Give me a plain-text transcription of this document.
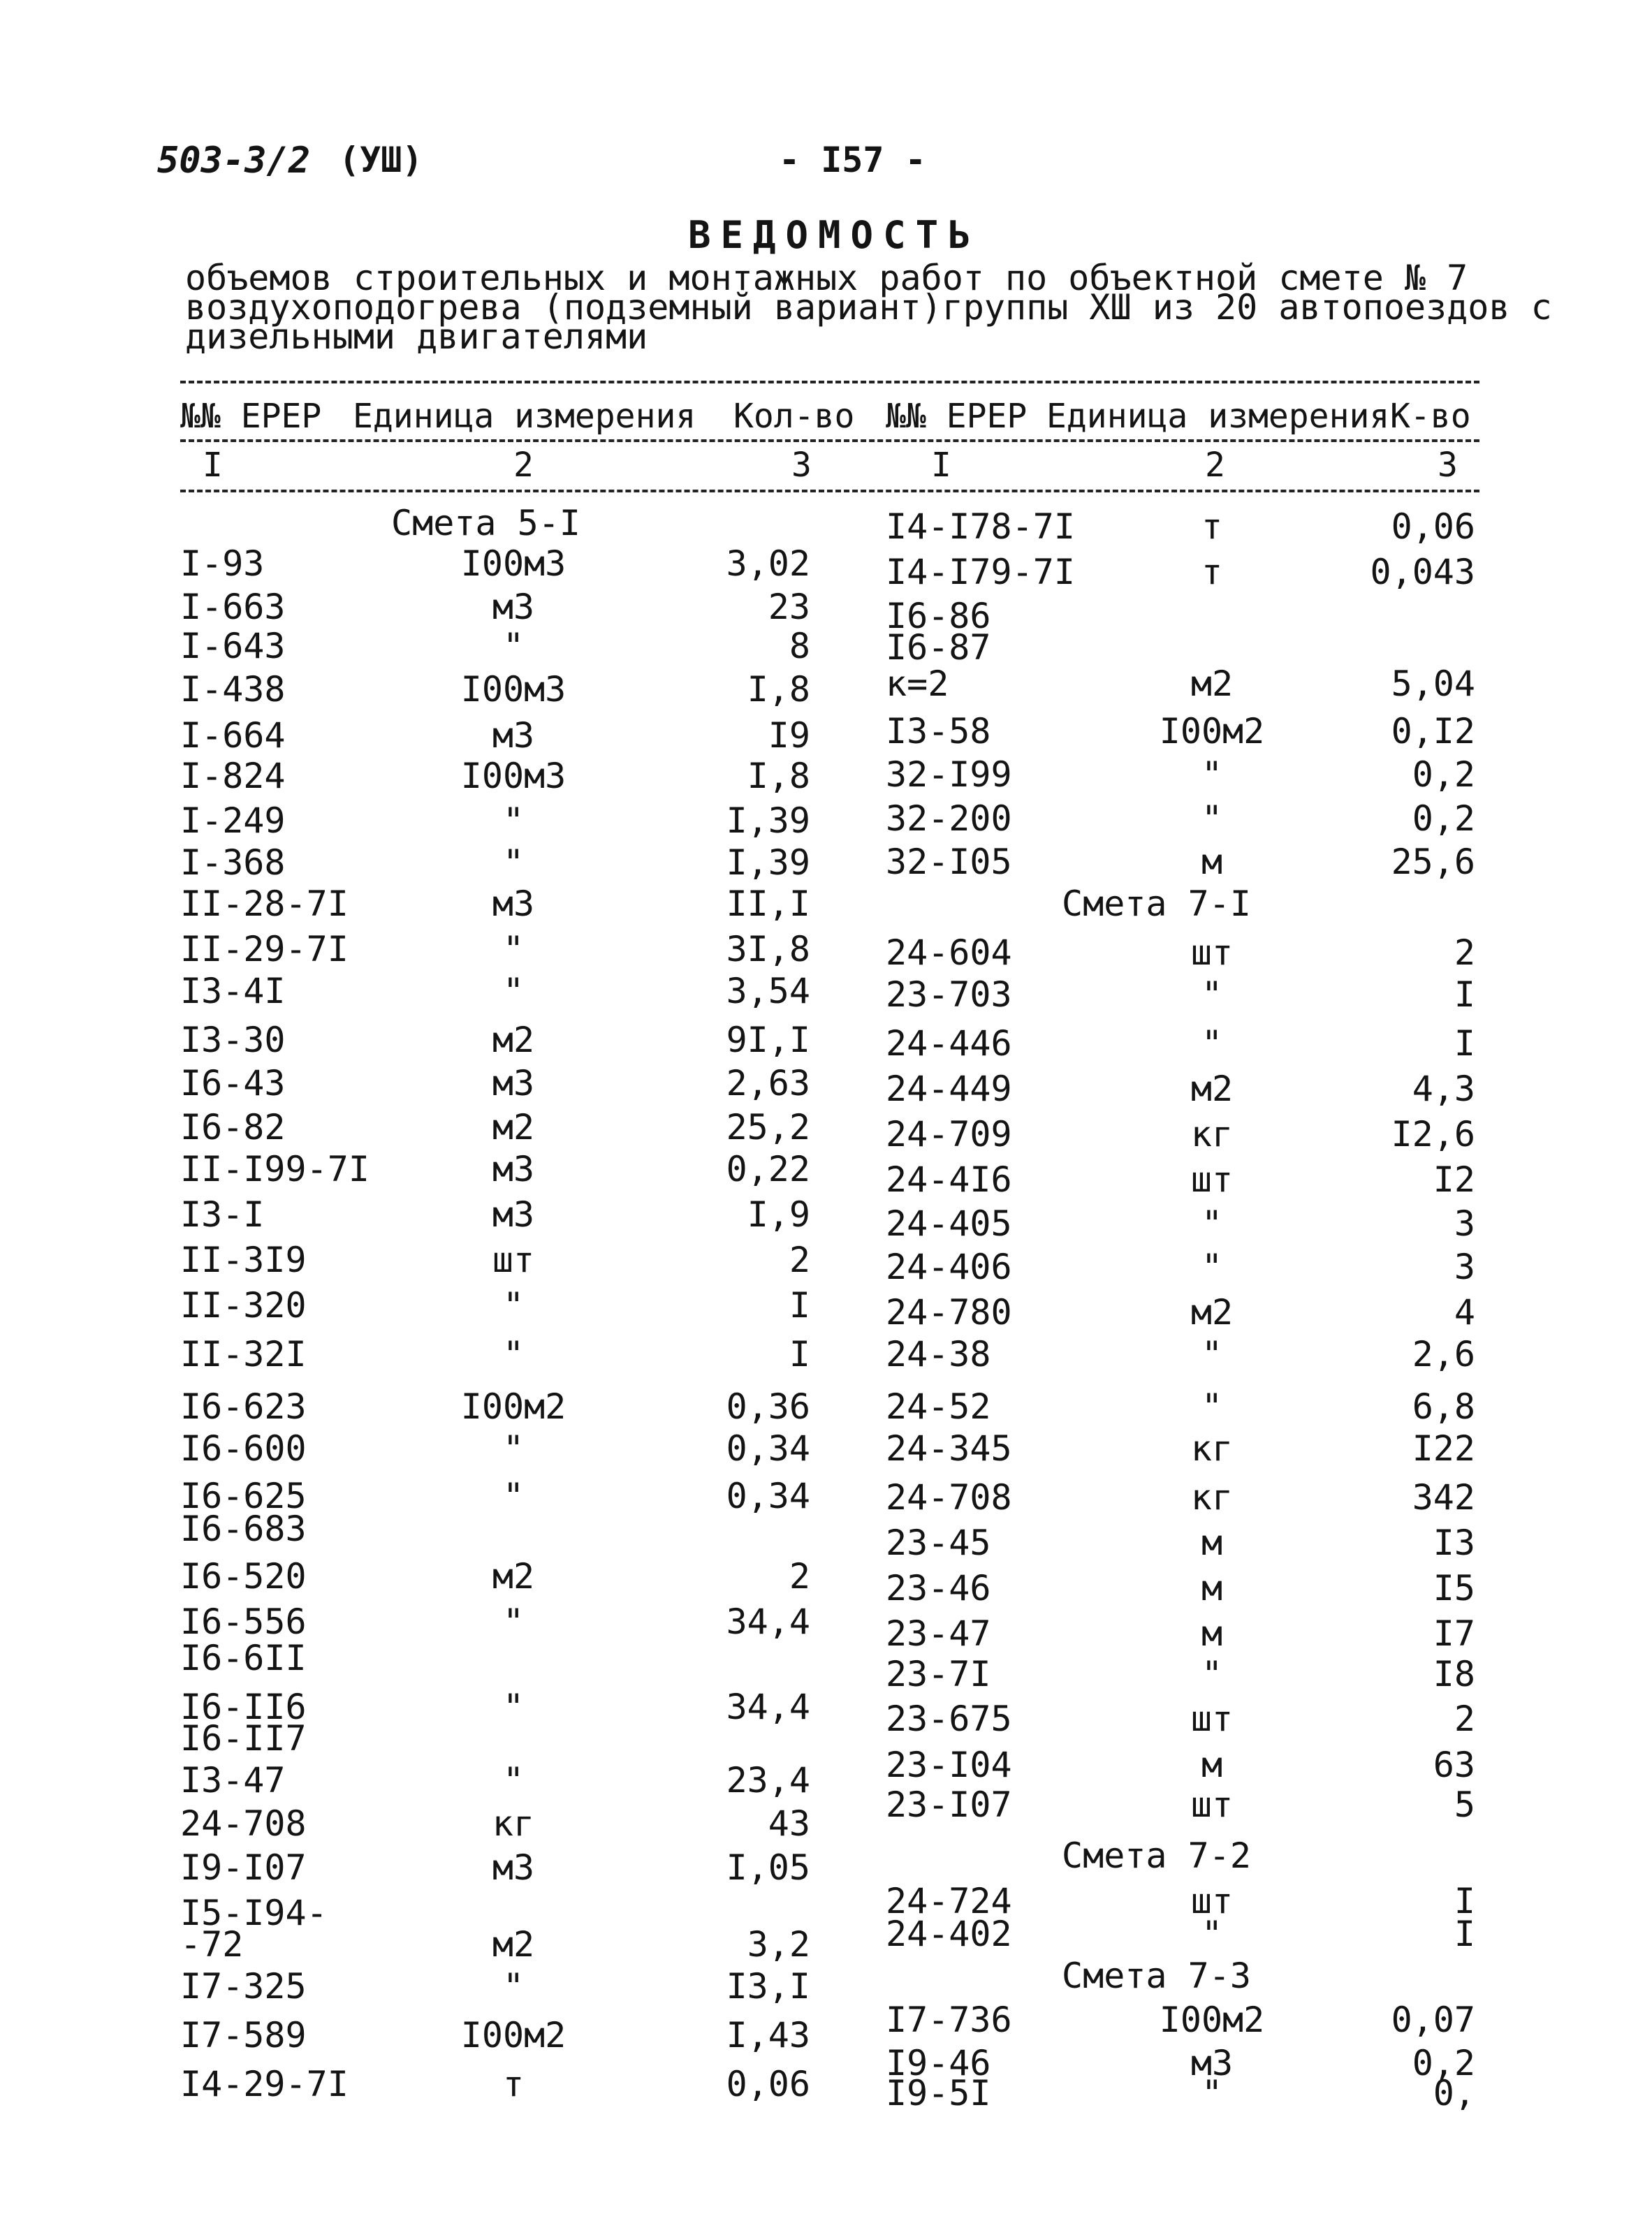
503-3/2 (УШ)	- I57 -
ВЕДОМОСТЬ
объемов строительных и монтажных работ по объектной смете № 7
воздухоподогрева (подземный вариант)группы XШ из 20 автопоездов с
дизельными двигателями
№№ ЕРЕР Единица измерения Кол-во №№ ЕРЕР Единица измерения К-во
I	2	3	I	2	3
Смета 5-I
I-93	I00м3	3,02
I-663	м3	23
I-643	"	8
I-438	I00м3	I,8
I-664	м3	I9
I-824	I00м3	I,8
I-249	"	I,39
I-368	"	I,39
II-28-7I	м3	II,I
II-29-7I	"	3I,8
I3-4I	"	3,54
I3-30	м2	9I,I
I6-43	м3	2,63
I6-82	м2	25,2
II-I99-7I	м3	0,22
I3-I	м3	I,9
II-3I9	шт	2
II-320	"	I
II-32I	"	I
I6-623	I00м2	0,36
I6-600	"	0,34
I6-625	"	0,34
I6-683
I6-520	м2	2
I6-556	"	34,4
I6-6II
I6-II6	"	34,4
I6-II7
I3-47	"	23,4
24-708	кг	43
I9-I07	м3	I,05
I5-I94-
-72	м2	3,2
I7-325	"	I3,I
I7-589	I00м2	I,43
I4-29-7I	т	0,06
I4-I78-7I	т	0,06
I4-I79-7I	т	0,043
I6-86
I6-87
к=2	м2	5,04
I3-58	I00м2	0,I2
32-I99	"	0,2
32-200	"	0,2
32-I05	м	25,6
Смета 7-I
24-604	шт	2
23-703	"	I
24-446	"	I
24-449	м2	4,3
24-709	кг	I2,6
24-4I6	шт	I2
24-405	"	3
24-406	"	3
24-780	м2	4
24-38	"	2,6
24-52	"	6,8
24-345	кг	I22
24-708	кг	342
23-45	м	I3
23-46	м	I5
23-47	м	I7
23-7I	"	I8
23-675	шт	2
23-I04	м	63
23-I07	шт	5
Смета 7-2
24-724	шт	I
24-402	"	I
Смета 7-3
I7-736	I00м2	0,07
I9-46	м3	0,2
I9-5I	"	0,
